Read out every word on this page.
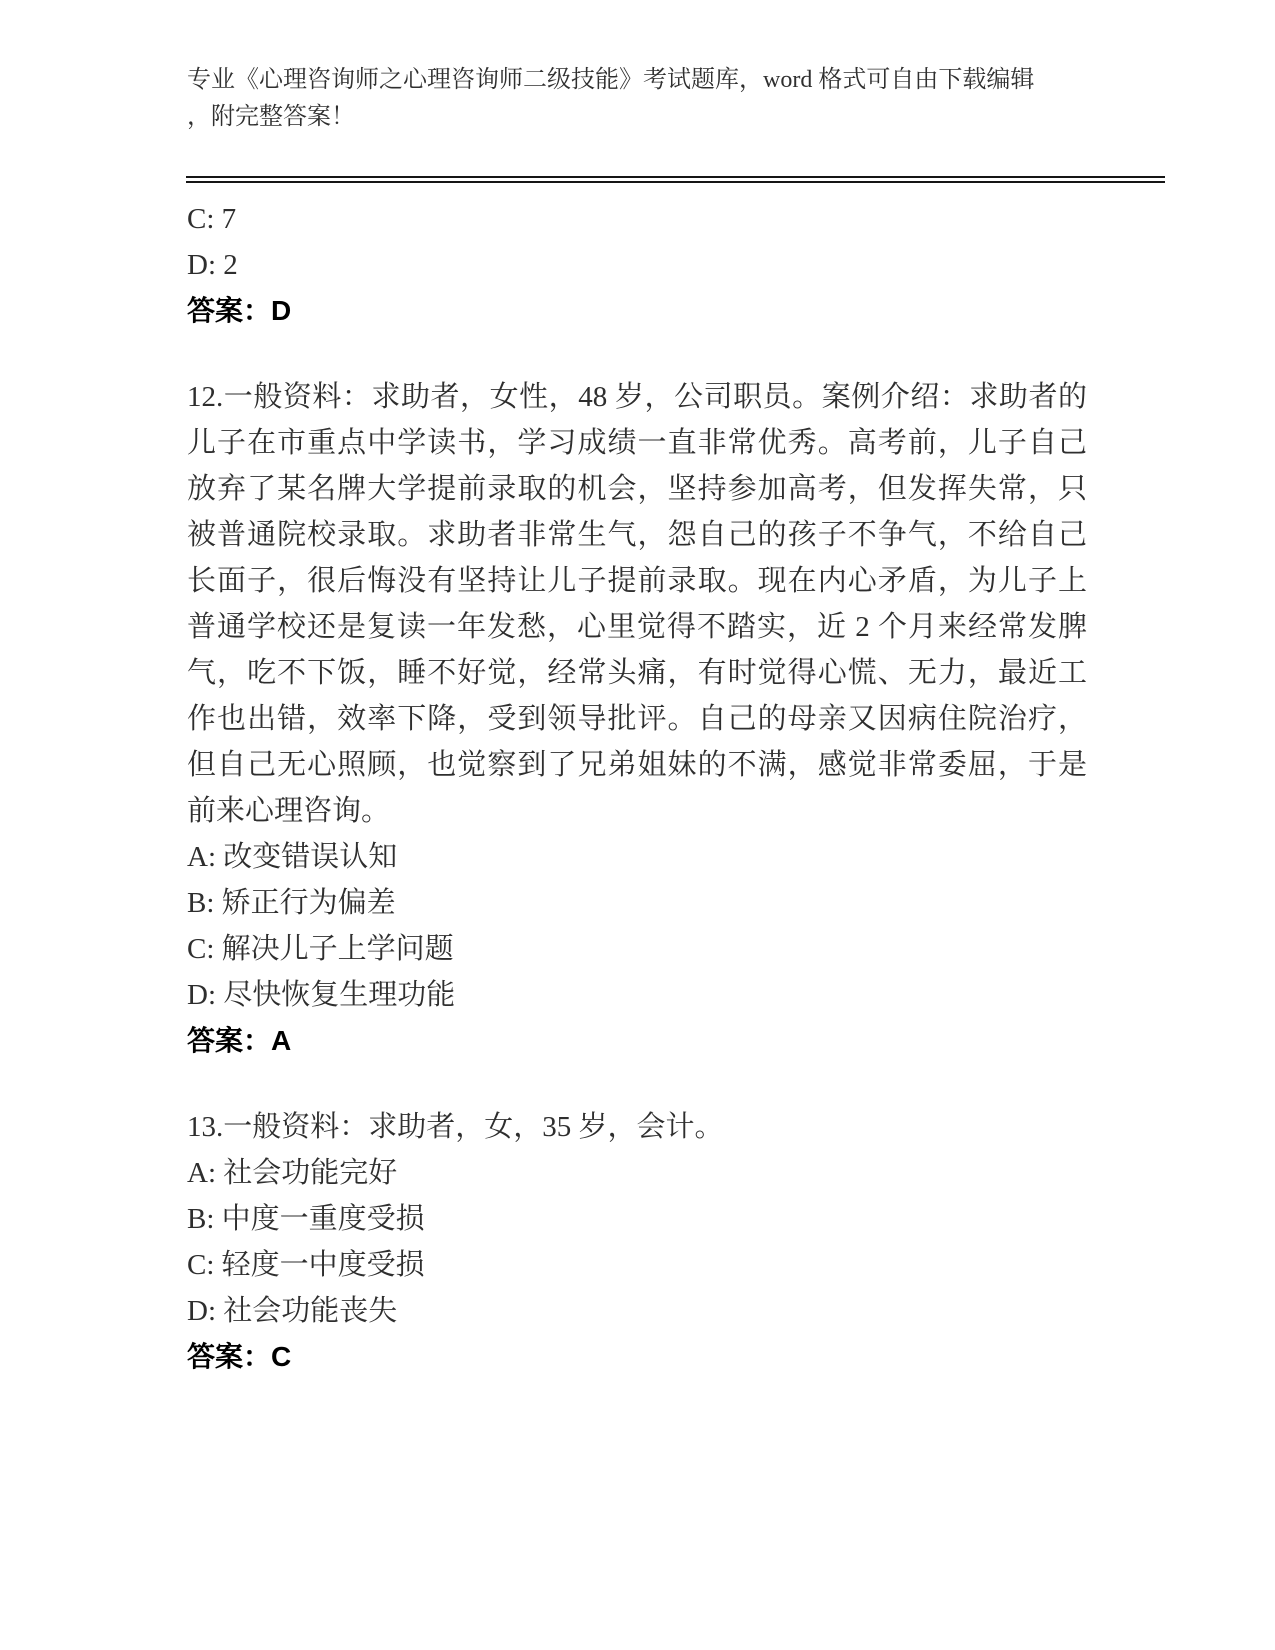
专业《心理咨询师之心理咨询师二级技能》考试题库，word 格式可自由下载编辑
，附完整答案！
C: 7
D: 2
答案：D
12.一般资料：求助者，女性，48 岁，公司职员。案例介绍：求助者的
儿子在市重点中学读书，学习成绩一直非常优秀。高考前，儿子自己
放弃了某名牌大学提前录取的机会，坚持参加高考，但发挥失常，只
被普通院校录取。求助者非常生气，怨自己的孩子不争气，不给自己
长面子，很后悔没有坚持让儿子提前录取。现在内心矛盾，为儿子上
普通学校还是复读一年发愁，心里觉得不踏实，近 2 个月来经常发脾
气，吃不下饭，睡不好觉，经常头痛，有时觉得心慌、无力，最近工
作也出错，效率下降，受到领导批评。自己的母亲又因病住院治疗，
但自己无心照顾，也觉察到了兄弟姐妹的不满，感觉非常委屈，于是
前来心理咨询。
A: 改变错误认知
B: 矫正行为偏差
C: 解决儿子上学问题
D: 尽快恢复生理功能
答案：A
13.一般资料：求助者，女，35 岁，会计。
A: 社会功能完好
B: 中度一重度受损
C: 轻度一中度受损
D: 社会功能丧失
答案：C
